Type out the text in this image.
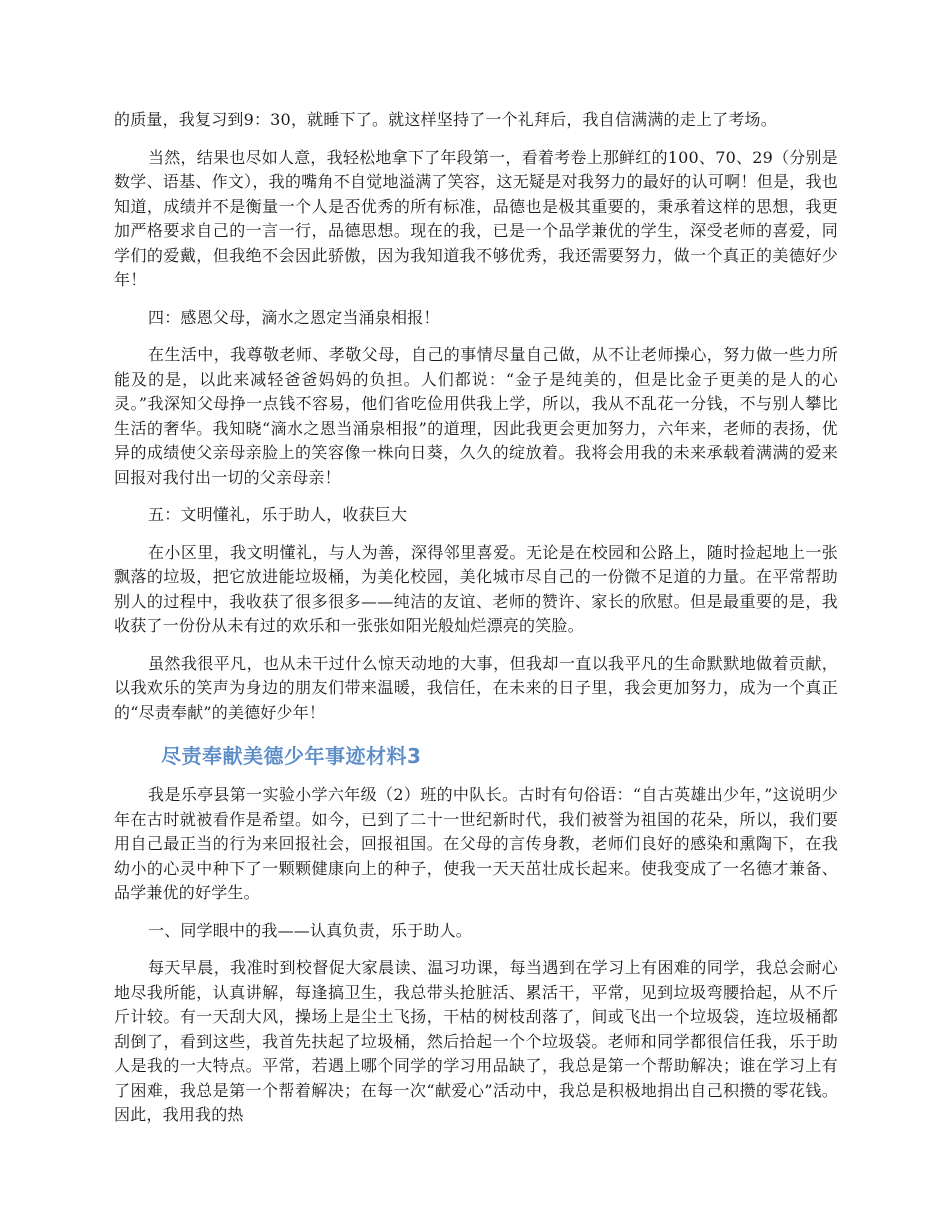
的质量，我复习到9：30，就睡下了。就这样坚持了一个礼拜后，我自信满满的走上了考场。

当然，结果也尽如人意，我轻松地拿下了年段第一，看着考卷上那鲜红的100、70、29（分别是数学、语基、作文），我的嘴角不自觉地溢满了笑容，这无疑是对我努力的最好的认可啊！但是，我也知道，成绩并不是衡量一个人是否优秀的所有标准，品德也是极其重要的，秉承着这样的思想，我更加严格要求自己的一言一行，品德思想。现在的我，已是一个品学兼优的学生，深受老师的喜爱，同学们的爱戴，但我绝不会因此骄傲，因为我知道我不够优秀，我还需要努力，做一个真正的美德好少年！

四：感恩父母，滴水之恩定当涌泉相报！

在生活中，我尊敬老师、孝敬父母，自己的事情尽量自己做，从不让老师操心，努力做一些力所能及的是，以此来减轻爸爸妈妈的负担。人们都说：“金子是纯美的，但是比金子更美的是人的心灵。”我深知父母挣一点钱不容易，他们省吃俭用供我上学，所以，我从不乱花一分钱，不与别人攀比生活的奢华。我知晓“滴水之恩当涌泉相报”的道理，因此我更会更加努力，六年来，老师的表扬，优异的成绩使父亲母亲脸上的笑容像一株向日葵，久久的绽放着。我将会用我的未来承载着满满的爱来回报对我付出一切的父亲母亲！

五：文明懂礼，乐于助人，收获巨大

在小区里，我文明懂礼，与人为善，深得邻里喜爱。无论是在校园和公路上，随时捡起地上一张飘落的垃圾，把它放进能垃圾桶，为美化校园，美化城市尽自己的一份微不足道的力量。在平常帮助别人的过程中，我收获了很多很多——纯洁的友谊、老师的赞许、家长的欣慰。但是最重要的是，我收获了一份份从未有过的欢乐和一张张如阳光般灿烂漂亮的笑脸。

虽然我很平凡，也从未干过什么惊天动地的大事，但我却一直以我平凡的生命默默地做着贡献，以我欢乐的笑声为身边的朋友们带来温暖，我信任，在未来的日子里，我会更加努力，成为一个真正的“尽责奉献”的美德好少年！

尽责奉献美德少年事迹材料3

我是乐亭县第一实验小学六年级（2）班的中队长。古时有句俗语：“自古英雄出少年，”这说明少年在古时就被看作是希望。如今，已到了二十一世纪新时代，我们被誉为祖国的花朵，所以，我们要用自己最正当的行为来回报社会，回报祖国。在父母的言传身教，老师们良好的感染和熏陶下，在我幼小的心灵中种下了一颗颗健康向上的种子，使我一天天茁壮成长起来。使我变成了一名德才兼备、品学兼优的好学生。

一、同学眼中的我——认真负责，乐于助人。

每天早晨，我准时到校督促大家晨读、温习功课，每当遇到在学习上有困难的同学，我总会耐心地尽我所能，认真讲解，每逢搞卫生，我总带头抢脏活、累活干，平常，见到垃圾弯腰拾起，从不斤斤计较。有一天刮大风，操场上是尘土飞扬，干枯的树枝刮落了，间或飞出一个垃圾袋，连垃圾桶都刮倒了，看到这些，我首先扶起了垃圾桶，然后拾起一个个垃圾袋。老师和同学都很信任我，乐于助人是我的一大特点。平常，若遇上哪个同学的学习用品缺了，我总是第一个帮助解决；谁在学习上有了困难，我总是第一个帮着解决；在每一次“献爱心”活动中，我总是积极地捐出自己积攒的零花钱。因此，我用我的热
